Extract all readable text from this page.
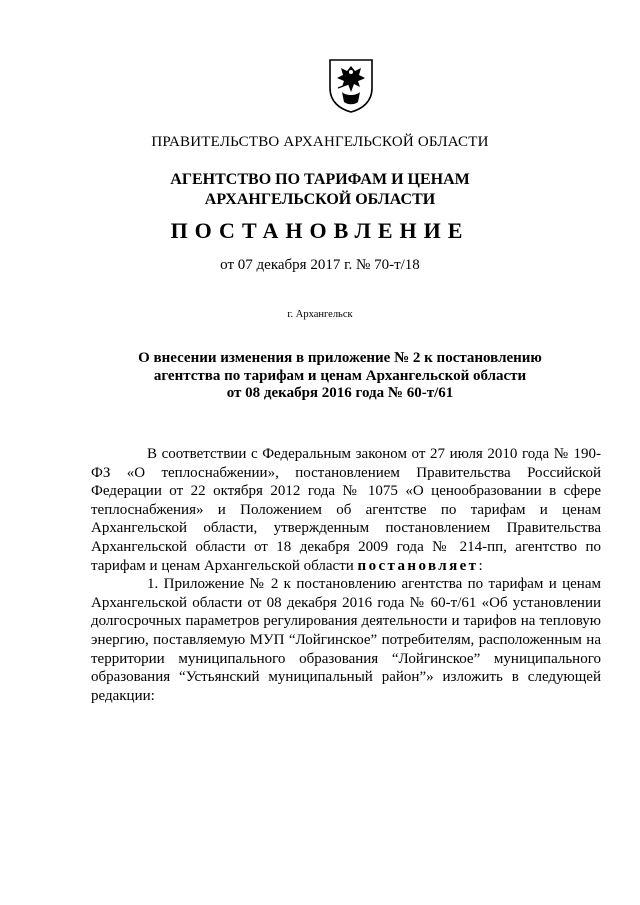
ПРАВИТЕЛЬСТВО АРХАНГЕЛЬСКОЙ ОБЛАСТИ
АГЕНТСТВО ПО ТАРИФАМ И ЦЕНАМ
АРХАНГЕЛЬСКОЙ ОБЛАСТИ
ПОСТАНОВЛЕНИЕ
от 07 декабря 2017 г. № 70-т/18
г. Архангельск
О внесении изменения в приложение № 2 к постановлению
агентства по тарифам и ценам Архангельской области
от 08 декабря 2016 года № 60-т/61

В соответствии с Федеральным законом от 27 июля 2010 года № 190-ФЗ «О теплоснабжении», постановлением Правительства Российской Федерации от 22 октября 2012 года № 1075 «О ценообразовании в сфере теплоснабжения» и Положением об агентстве по тарифам и ценам Архангельской области, утвержденным постановлением Правительства Архангельской области от 18 декабря 2009 года № 214-пп, агентство по тарифам и ценам Архангельской области постановляет:

1. Приложение № 2 к постановлению агентства по тарифам и ценам Архангельской области от 08 декабря 2016 года № 60-т/61 «Об установлении долгосрочных параметров регулирования деятельности и тарифов на тепловую энергию, поставляемую МУП “Лойгинское” потребителям, расположенным на территории муниципального образования “Лойгинское” муниципального образования “Устьянский муниципальный район”» изложить в следующей редакции:
